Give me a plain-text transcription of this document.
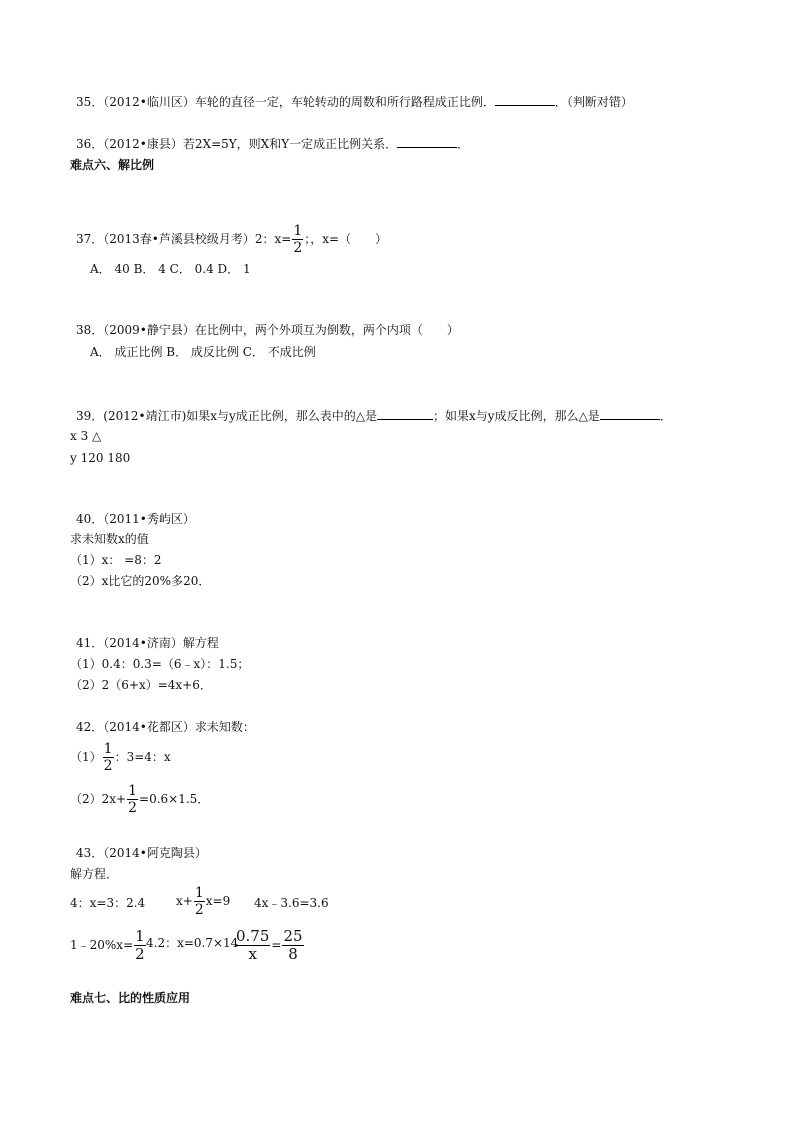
35．（2012•临川区）车轮的直径一定，车轮转动的周数和所行路程成正比例．	．（判断对错）
36．（2012•康县）若2X=5Y，则X和Y一定成正比例关系．	．
难点六、解比例
37．（2013春•芦溪县校级月考）2：$x= \frac{1}{2}$ ；，x=（　　）
A． 40 B． 4 C． 0.4 D． 1
38．（2009•静宁县）在比例中，两个外项互为倒数，两个内项（　　）
A． 成正比例 B． 成反比例 C． 不成比例
39．(2012•靖江市)如果x与y成正比例，那么表中的△是	；如果x与y成反比例，那么△是	．
x 3 △
y 120 180
40．（2011•秀屿区）
求未知数x的值
（1）x： =8：2
（2）x比它的20%多20．
41．（2014•济南）解方程
（1）0.4：0.3=（6﹣x）：1.5；
（2）2（6+x）=4x+6．
42．（2014•花都区）求未知数：
$(1) \frac{1}{2}$ ：3=4：x
$(2)2x+ \frac{1}{2} =0.6\times 1.5$．
43．（2014•阿克陶县）
解方程．
4：x=3：2.4	$x+ \frac{1}{2} x=9$ 4x﹣3.6=3.6
1﹣20%x= $\frac{1}{2} 4.2$：x=0.7×14
$\frac{0.75}{x} = \frac{25}{8}$
难点七、比的性质应用
